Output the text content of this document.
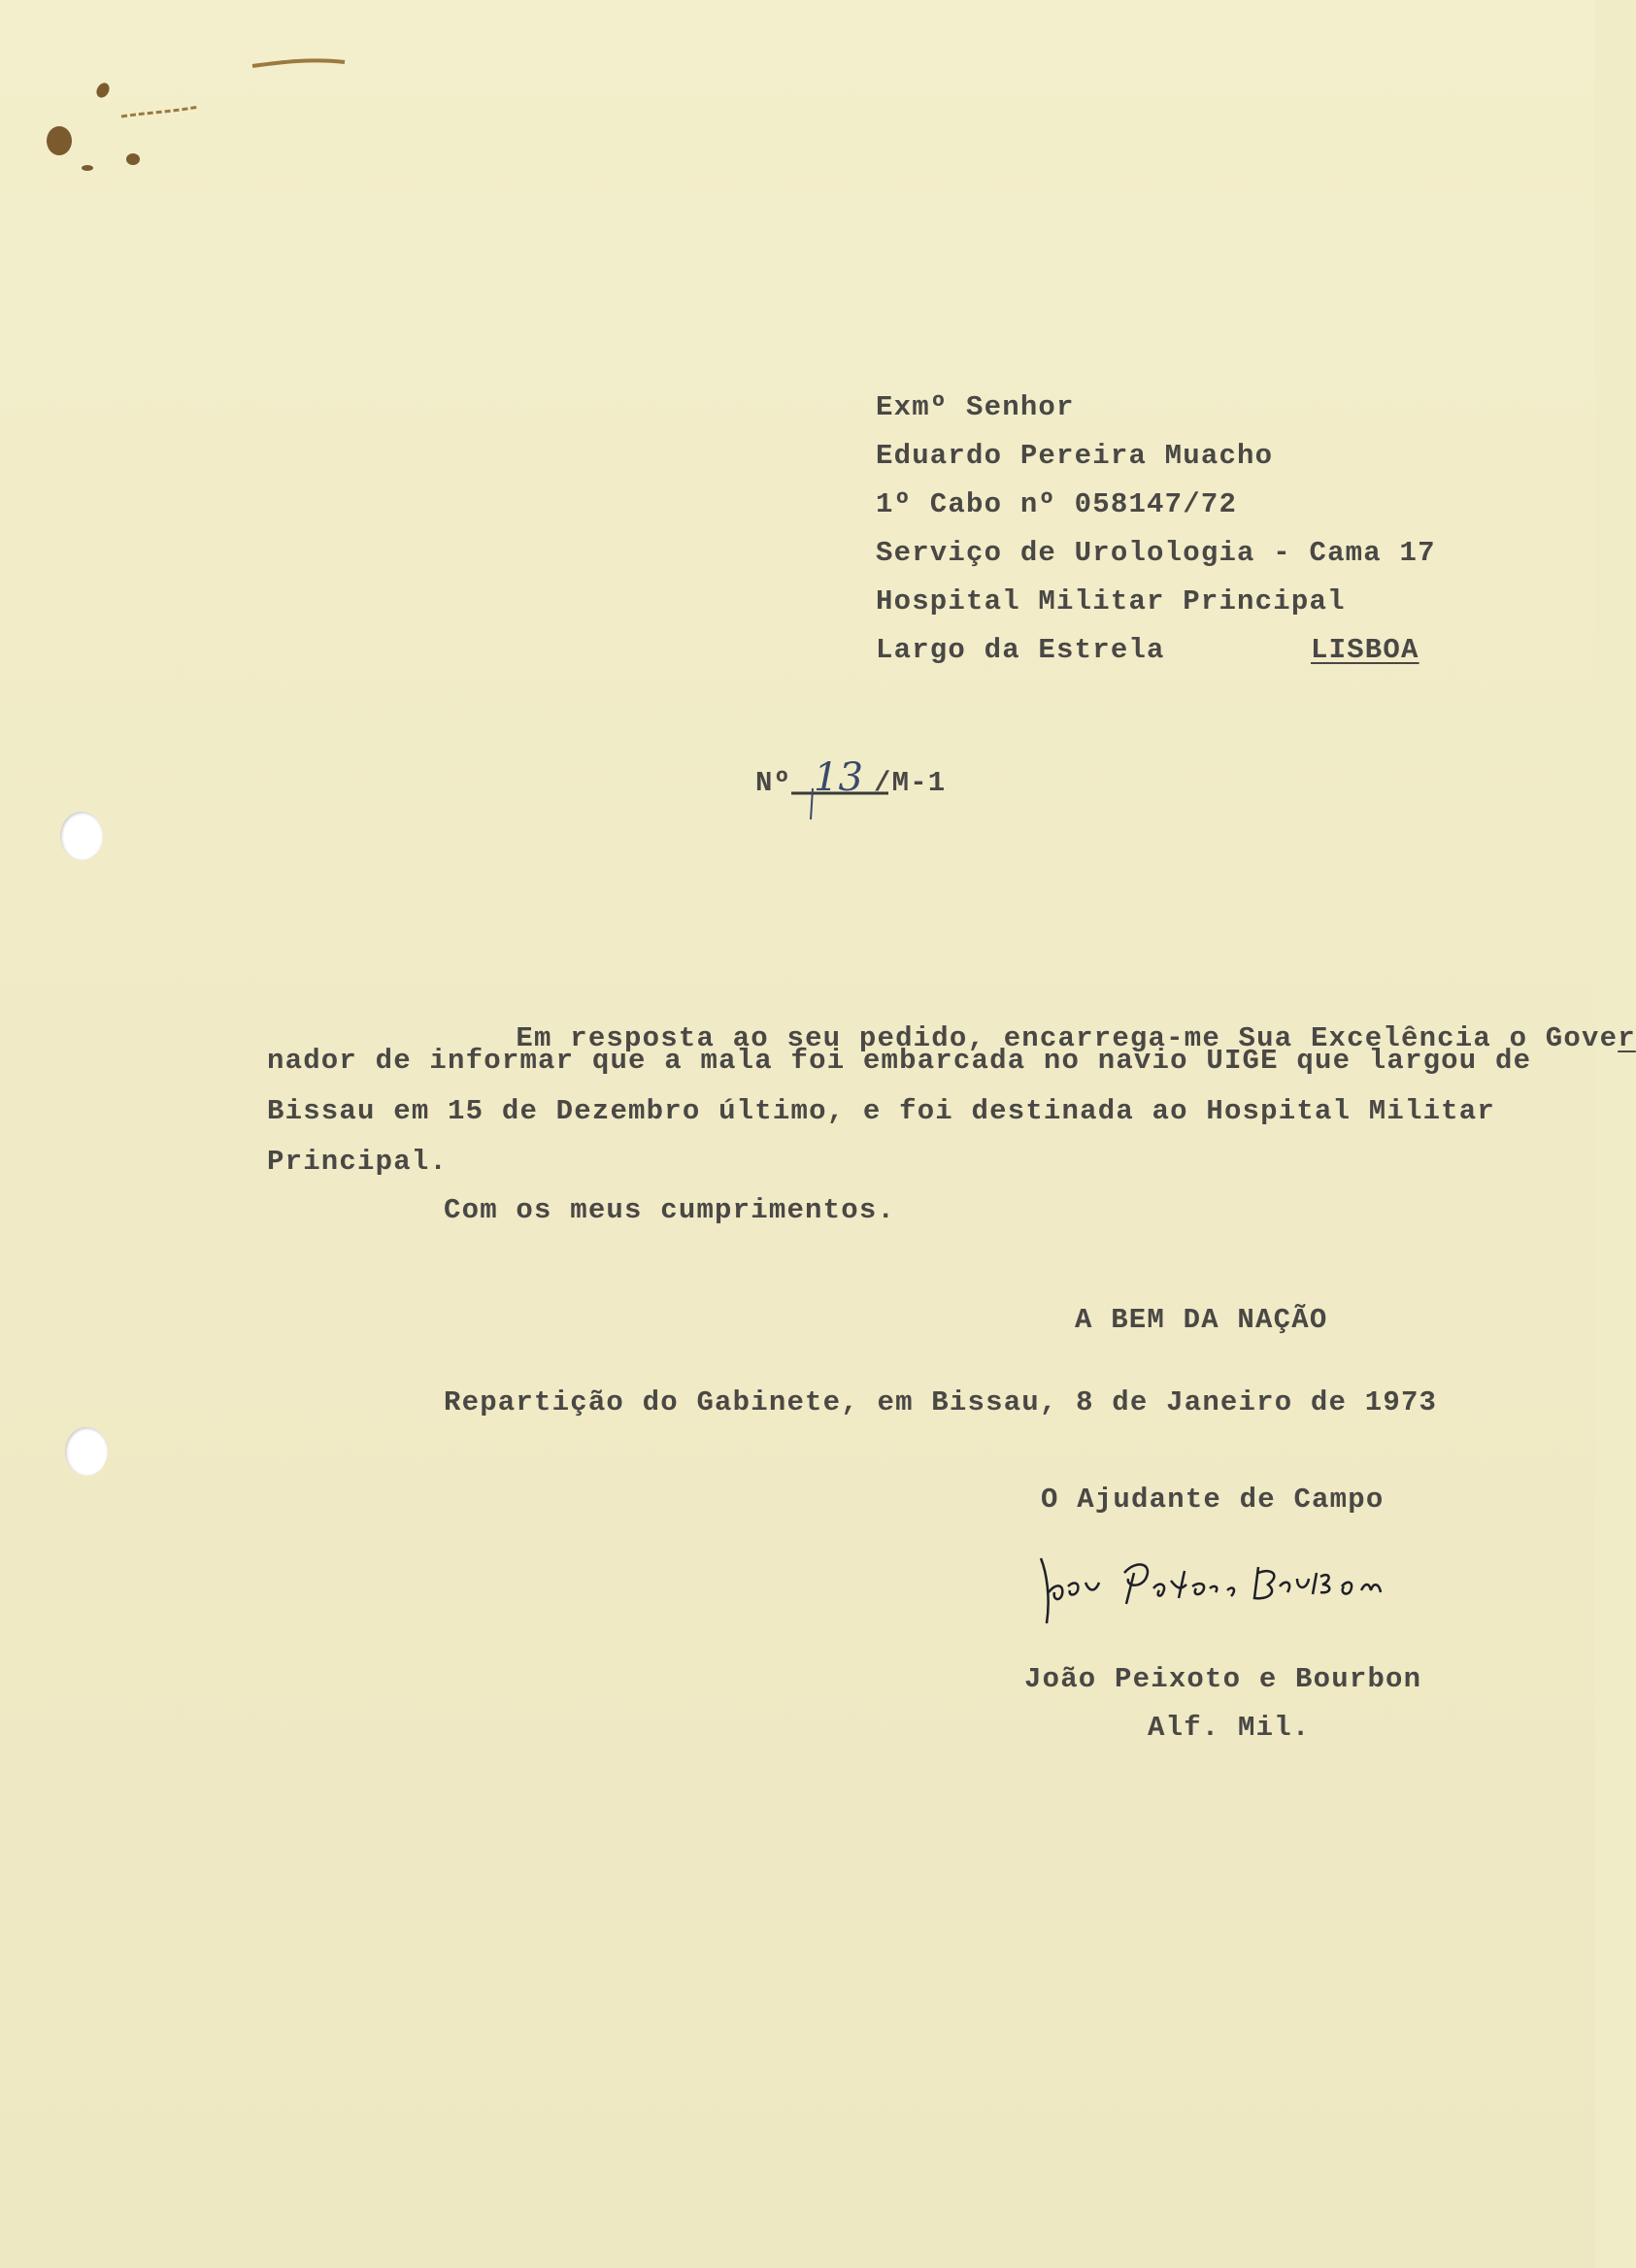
Exmº Senhor
Eduardo Pereira Muacho
1º Cabo nº 058147/72
Serviço de Urolologia - Cama 17
Hospital Militar Principal
Largo da Estrela	LISBOA
Nº 13 /M-1

Em resposta ao seu pedido, encarrega-me Sua Excelência o Gover

nador de informar que a mala foi embarcada no navio UIGE que largou de
Bissau em 15 de Dezembro último, e foi destinada ao Hospital Militar
Principal.
Com os meus cumprimentos.
A BEM DA NAÇÃO
Repartição do Gabinete, em Bissau, 8 de Janeiro de 1973
O Ajudante de Campo
João Peixoto e Bourbon
Alf. Mil.
